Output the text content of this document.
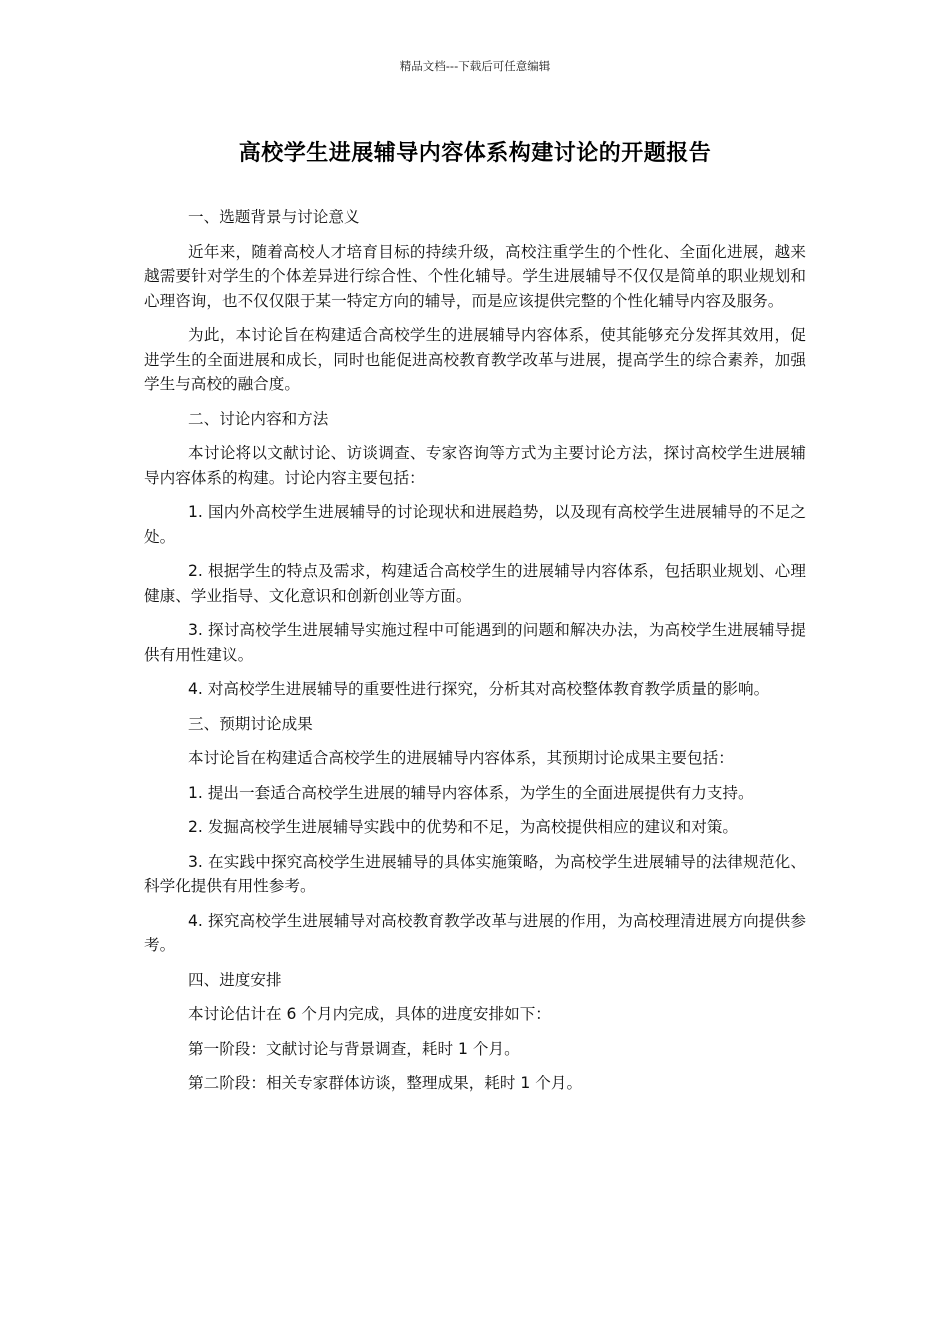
精品文档---下载后可任意编辑
高校学生进展辅导内容体系构建讨论的开题报告

一、选题背景与讨论意义

近年来，随着高校人才培育目标的持续升级，高校注重学生的个性化、全面化进展，越来越需要针对学生的个体差异进行综合性、个性化辅导。学生进展辅导不仅仅是简单的职业规划和心理咨询，也不仅仅限于某一特定方向的辅导，而是应该提供完整的个性化辅导内容及服务。

为此，本讨论旨在构建适合高校学生的进展辅导内容体系，使其能够充分发挥其效用，促进学生的全面进展和成长，同时也能促进高校教育教学改革与进展，提高学生的综合素养，加强学生与高校的融合度。

二、讨论内容和方法

本讨论将以文献讨论、访谈调查、专家咨询等方式为主要讨论方法，探讨高校学生进展辅导内容体系的构建。讨论内容主要包括：

1. 国内外高校学生进展辅导的讨论现状和进展趋势，以及现有高校学生进展辅导的不足之处。

2. 根据学生的特点及需求，构建适合高校学生的进展辅导内容体系，包括职业规划、心理健康、学业指导、文化意识和创新创业等方面。

3. 探讨高校学生进展辅导实施过程中可能遇到的问题和解决办法，为高校学生进展辅导提供有用性建议。

4. 对高校学生进展辅导的重要性进行探究，分析其对高校整体教育教学质量的影响。

三、预期讨论成果

本讨论旨在构建适合高校学生的进展辅导内容体系，其预期讨论成果主要包括：

1. 提出一套适合高校学生进展的辅导内容体系，为学生的全面进展提供有力支持。

2. 发掘高校学生进展辅导实践中的优势和不足，为高校提供相应的建议和对策。

3. 在实践中探究高校学生进展辅导的具体实施策略，为高校学生进展辅导的法律规范化、科学化提供有用性参考。

4. 探究高校学生进展辅导对高校教育教学改革与进展的作用，为高校理清进展方向提供参考。

四、进度安排

本讨论估计在 6 个月内完成，具体的进度安排如下：

第一阶段：文献讨论与背景调查，耗时 1 个月。

第二阶段：相关专家群体访谈，整理成果，耗时 1 个月。
